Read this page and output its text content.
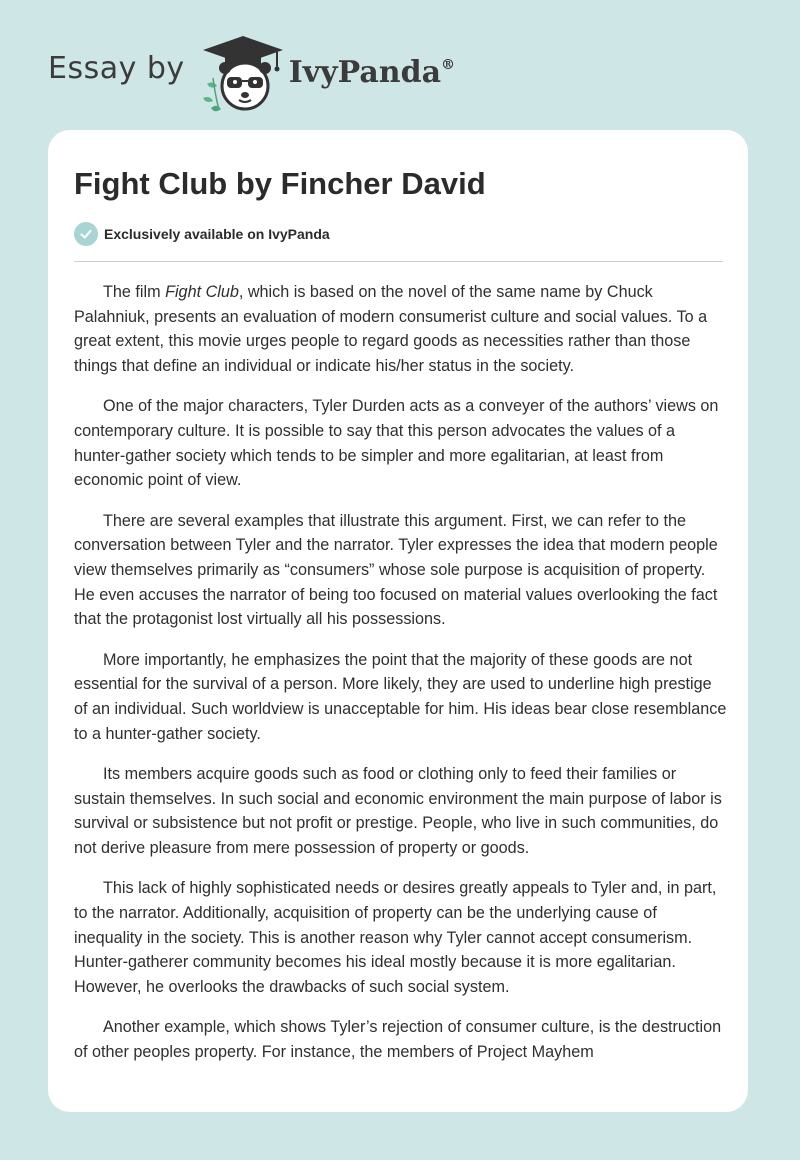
Essay by	IvyPanda®
Fight Club by Fincher David
Exclusively available on IvyPanda

The film Fight Club, which is based on the novel of the same name by Chuck Palahniuk, presents an evaluation of modern consumerist culture and social values. To a great extent, this movie urges people to regard goods as necessities rather than those things that define an individual or indicate his/her status in the society.

One of the major characters, Tyler Durden acts as a conveyer of the authors’ views on contemporary culture. It is possible to say that this person advocates the values of a hunter-gather society which tends to be simpler and more egalitarian, at least from economic point of view.

There are several examples that illustrate this argument. First, we can refer to the conversation between Tyler and the narrator. Tyler expresses the idea that modern people view themselves primarily as “consumers” whose sole purpose is acquisition of property. He even accuses the narrator of being too focused on material values overlooking the fact that the protagonist lost virtually all his possessions.

More importantly, he emphasizes the point that the majority of these goods are not essential for the survival of a person. More likely, they are used to underline high prestige of an individual. Such worldview is unacceptable for him. His ideas bear close resemblance to a hunter-gather society.

Its members acquire goods such as food or clothing only to feed their families or sustain themselves. In such social and economic environment the main purpose of labor is survival or subsistence but not profit or prestige. People, who live in such communities, do not derive pleasure from mere possession of property or goods.

This lack of highly sophisticated needs or desires greatly appeals to Tyler and, in part, to the narrator. Additionally, acquisition of property can be the underlying cause of inequality in the society. This is another reason why Tyler cannot accept consumerism. Hunter-gatherer community becomes his ideal mostly because it is more egalitarian. However, he overlooks the drawbacks of such social system.

Another example, which shows Tyler’s rejection of consumer culture, is the destruction of other peoples property. For instance, the members of Project Mayhem
